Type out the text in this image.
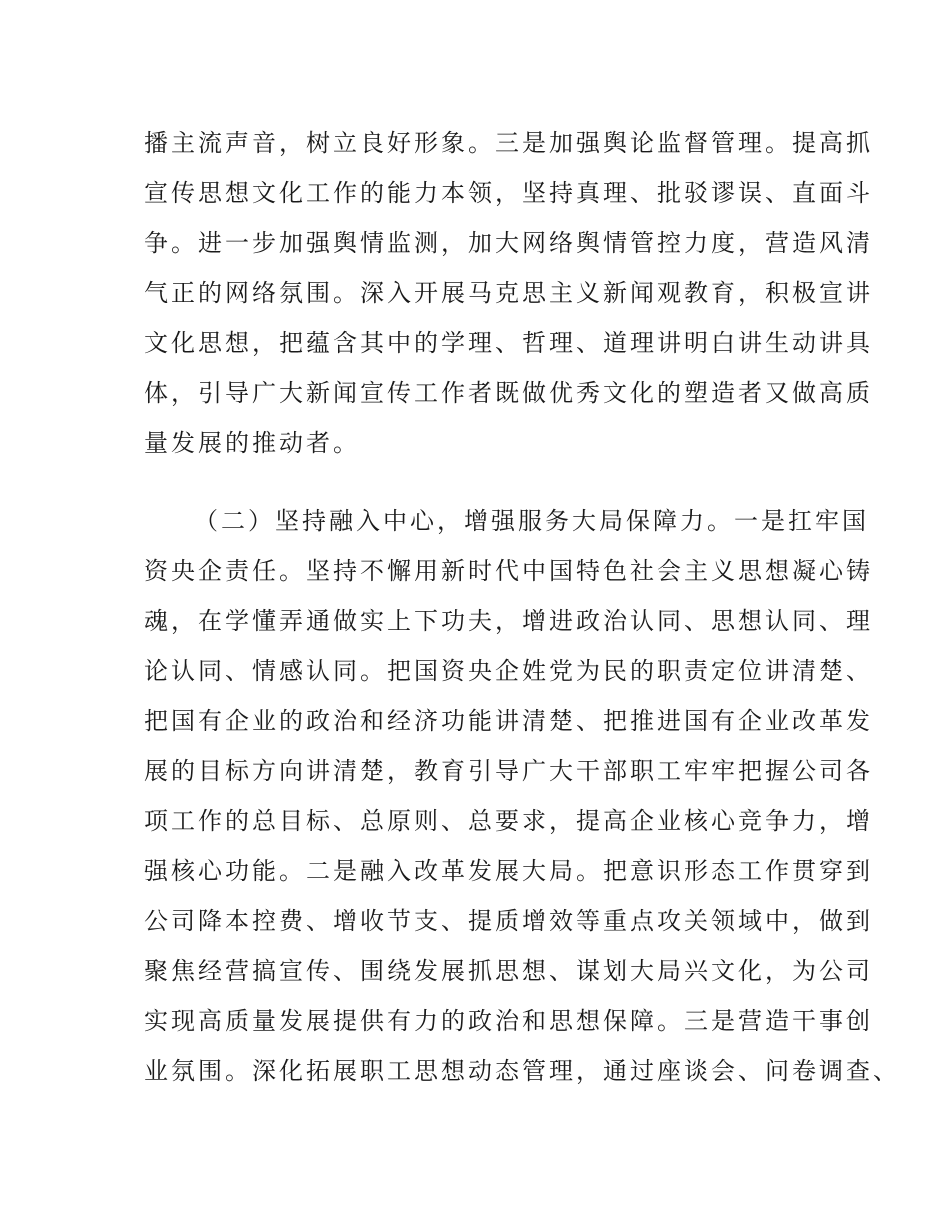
播主流声音，树立良好形象。三是加强舆论监督管理。提高抓

宣传思想文化工作的能力本领，坚持真理、批驳谬误、直面斗

争。进一步加强舆情监测，加大网络舆情管控力度，营造风清

气正的网络氛围。深入开展马克思主义新闻观教育，积极宣讲

文化思想，把蕴含其中的学理、哲理、道理讲明白讲生动讲具

体，引导广大新闻宣传工作者既做优秀文化的塑造者又做高质

量发展的推动者。

（二）坚持融入中心，增强服务大局保障力。一是扛牢国

资央企责任。坚持不懈用新时代中国特色社会主义思想凝心铸

魂，在学懂弄通做实上下功夫，增进政治认同、思想认同、理

论认同、情感认同。把国资央企姓党为民的职责定位讲清楚、

把国有企业的政治和经济功能讲清楚、把推进国有企业改革发

展的目标方向讲清楚，教育引导广大干部职工牢牢把握公司各

项工作的总目标、总原则、总要求，提高企业核心竞争力，增

强核心功能。二是融入改革发展大局。把意识形态工作贯穿到

公司降本控费、增收节支、提质增效等重点攻关领域中，做到

聚焦经营搞宣传、围绕发展抓思想、谋划大局兴文化，为公司

实现高质量发展提供有力的政治和思想保障。三是营造干事创

业氛围。深化拓展职工思想动态管理，通过座谈会、问卷调查、
